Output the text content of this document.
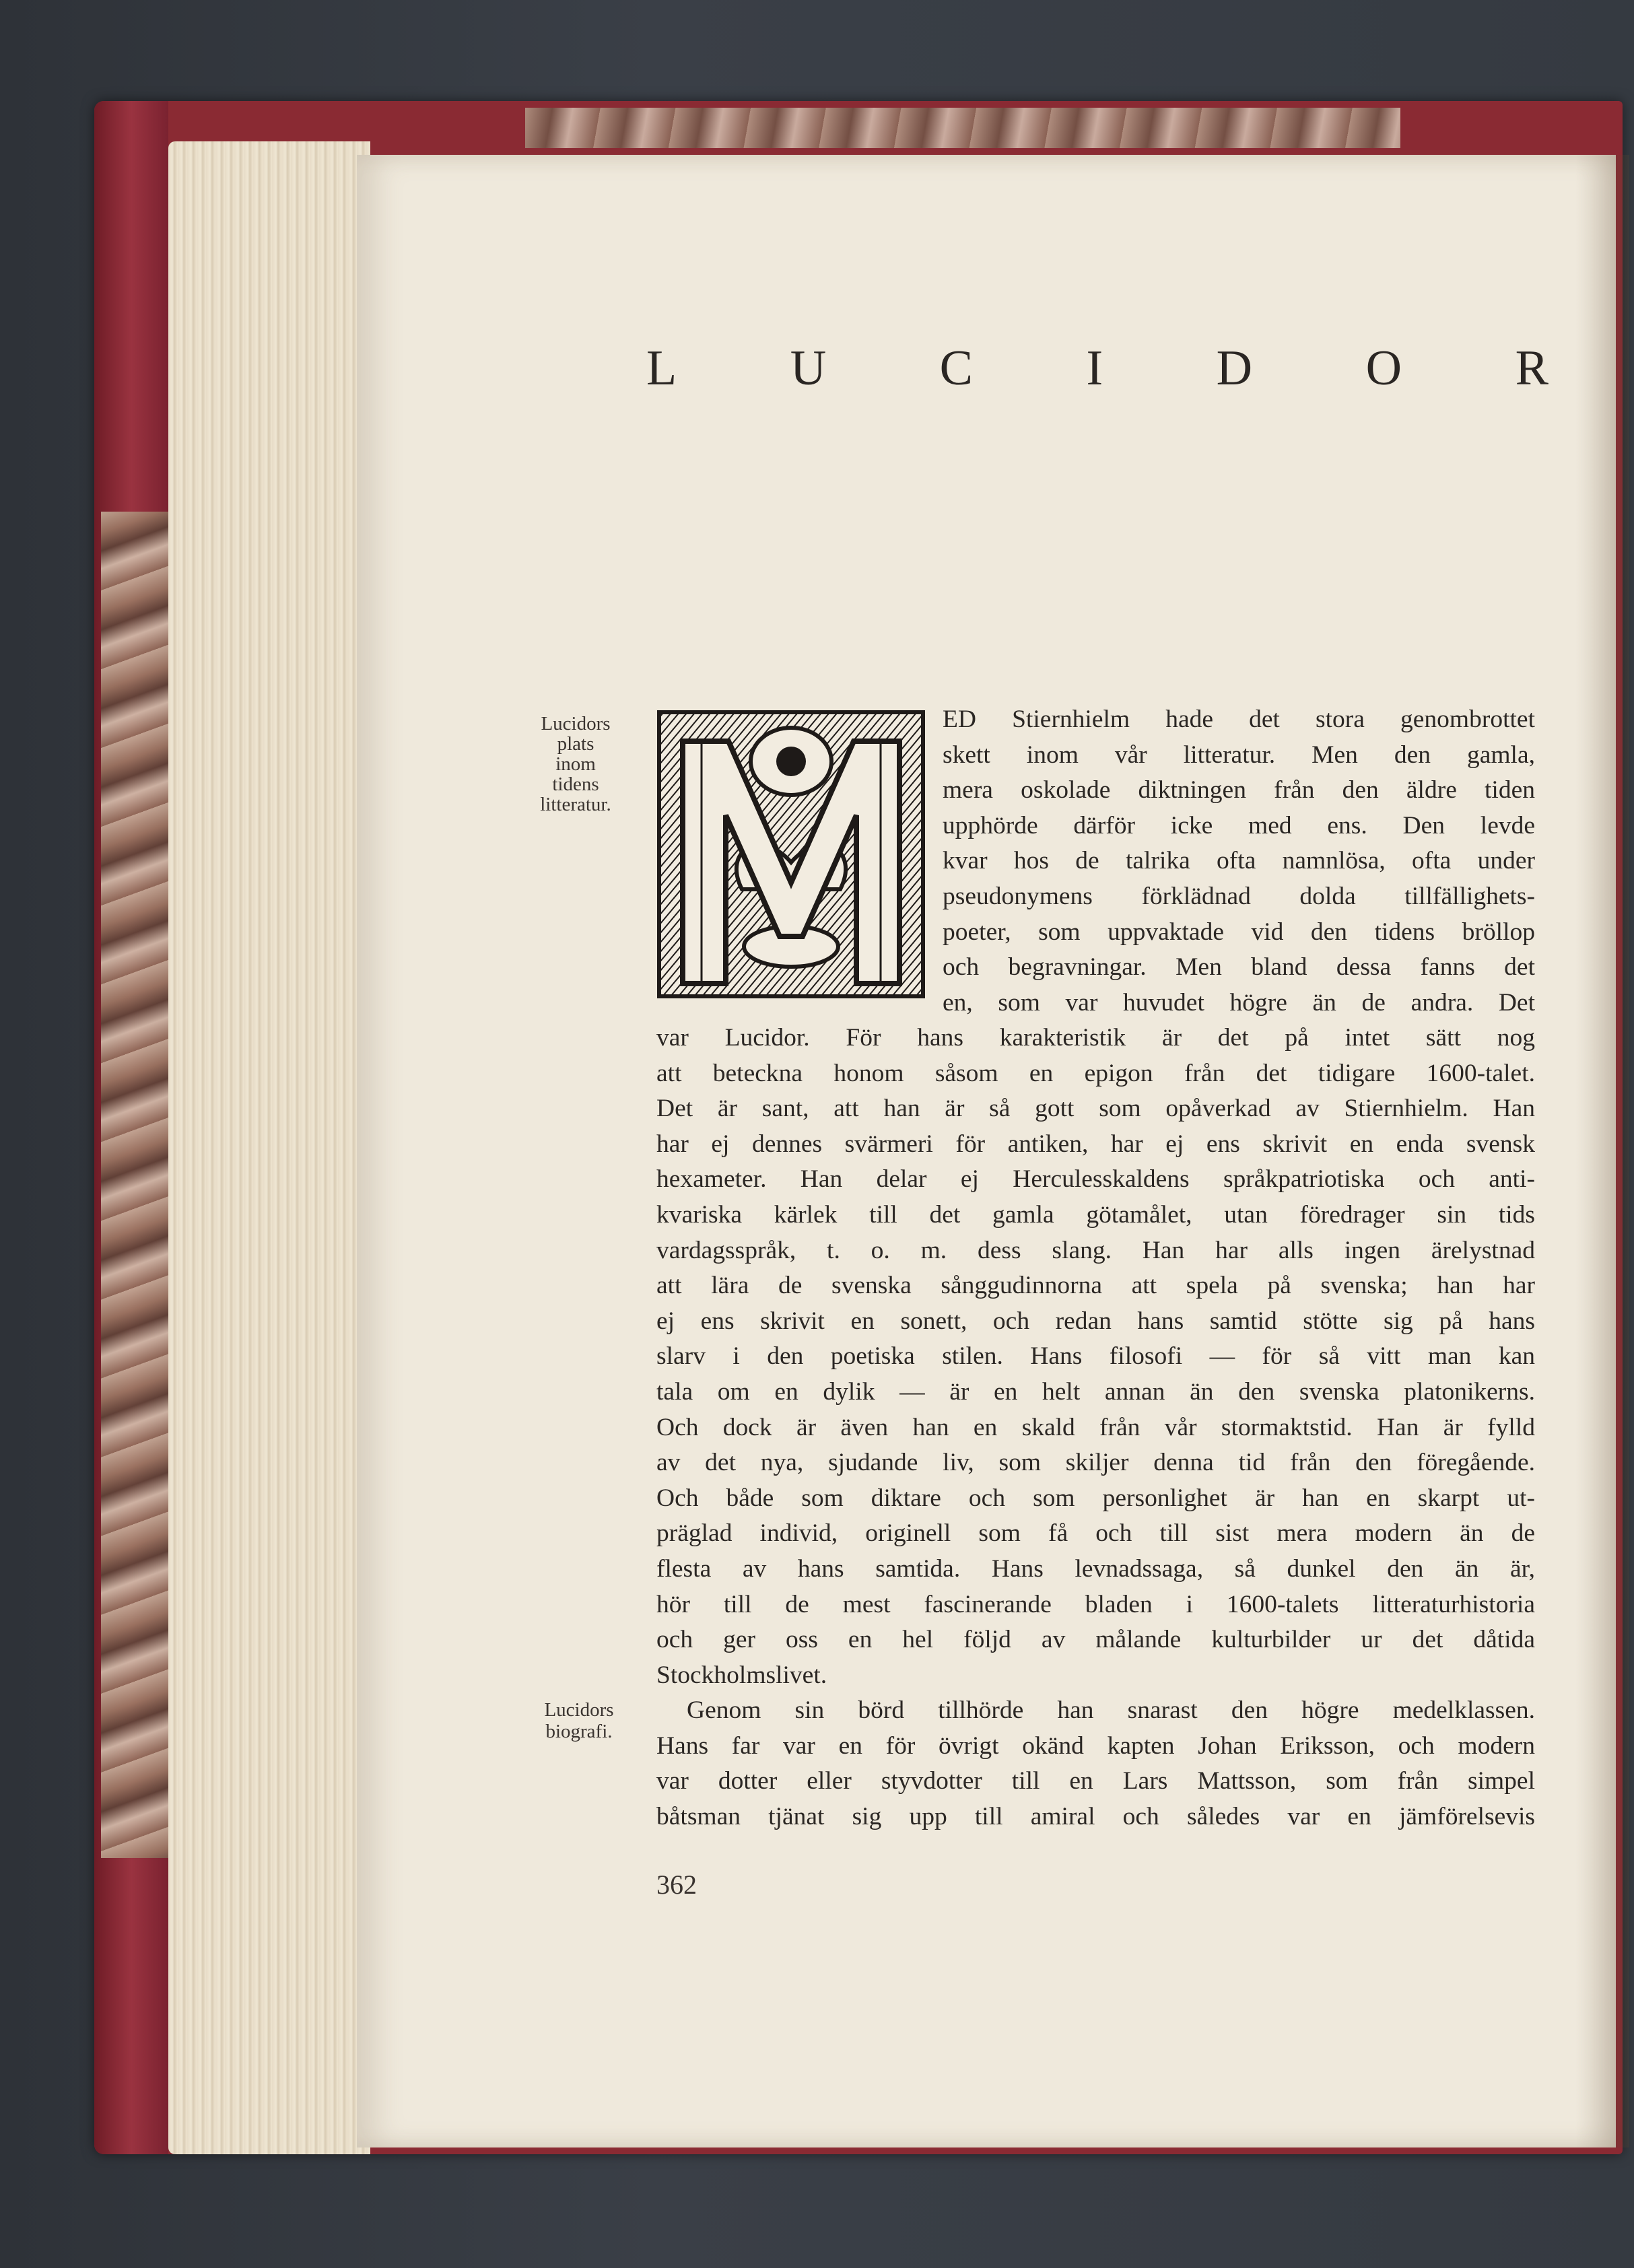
L U C I D O R
Lucidors
plats
inom
tidens
litteratur.
Lucidors
biografi.
ED Stiernhielm hade det stora genombrottet
skett inom vår litteratur. Men den gamla,
mera oskolade diktningen från den äldre tiden
upphörde därför icke med ens. Den levde
kvar hos de talrika ofta namnlösa, ofta under
pseudonymens förklädnad dolda tillfällighets-
poeter, som uppvaktade vid den tidens bröllop
och begravningar. Men bland dessa fanns det
en, som var huvudet högre än de andra. Det
var Lucidor. För hans karakteristik är det på intet sätt nog
att beteckna honom såsom en epigon från det tidigare 1600-talet.
Det är sant, att han är så gott som opåverkad av Stiernhielm. Han
har ej dennes svärmeri för antiken, har ej ens skrivit en enda svensk
hexameter. Han delar ej Herculesskaldens språkpatriotiska och anti-
kvariska kärlek till det gamla götamålet, utan föredrager sin tids
vardagsspråk, t. o. m. dess slang. Han har alls ingen ärelystnad
att lära de svenska sånggudinnorna att spela på svenska; han har
ej ens skrivit en sonett, och redan hans samtid stötte sig på hans
slarv i den poetiska stilen. Hans filosofi — för så vitt man kan
tala om en dylik — är en helt annan än den svenska platonikerns.
Och dock är även han en skald från vår stormaktstid. Han är fylld
av det nya, sjudande liv, som skiljer denna tid från den föregående.
Och både som diktare och som personlighet är han en skarpt ut-
präglad individ, originell som få och till sist mera modern än de
flesta av hans samtida. Hans levnadssaga, så dunkel den än är,
hör till de mest fascinerande bladen i 1600-talets litteraturhistoria
och ger oss en hel följd av målande kulturbilder ur det dåtida
Stockholmslivet.
Genom sin börd tillhörde han snarast den högre medelklassen.
Hans far var en för övrigt okänd kapten Johan Eriksson, och modern
var dotter eller styvdotter till en Lars Mattsson, som från simpel
båtsman tjänat sig upp till amiral och således var en jämförelsevis
362
